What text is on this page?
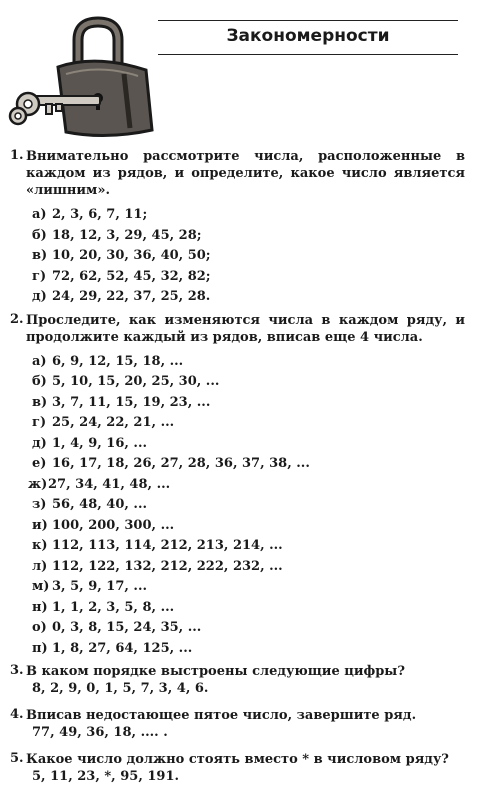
Закономерности
1. Внимательно рассмотрите числа, расположенные в каждом из рядов, и определите, какое число является «лишним».
а) 2, 3, 6, 7, 11;
б) 18, 12, 3, 29, 45, 28;
в) 10, 20, 30, 36, 40, 50;
г) 72, 62, 52, 45, 32, 82;
д) 24, 29, 22, 37, 25, 28.
2. Проследите, как изменяются числа в каждом ряду, и продолжите каждый из рядов, вписав еще 4 числа.
а) 6, 9, 12, 15, 18, ...
б) 5, 10, 15, 20, 25, 30, ...
в) 3, 7, 11, 15, 19, 23, ...
г) 25, 24, 22, 21, ...
д) 1, 4, 9, 16, ...
е) 16, 17, 18, 26, 27, 28, 36, 37, 38, ...
ж) 27, 34, 41, 48, ...
з) 56, 48, 40, ...
и) 100, 200, 300, ...
к) 112, 113, 114, 212, 213, 214, ...
л) 112, 122, 132, 212, 222, 232, ...
м) 3, 5, 9, 17, ...
н) 1, 1, 2, 3, 5, 8, ...
о) 0, 3, 8, 15, 24, 35, ...
п) 1, 8, 27, 64, 125, ...
3. В каком порядке выстроены следующие цифры?
8, 2, 9, 0, 1, 5, 7, 3, 4, 6.
4. Вписав недостающее пятое число, завершите ряд.
77, 49, 36, 18, .... .
5. Какое число должно стоять вместо * в числовом ряду?
5, 11, 23, *, 95, 191.
